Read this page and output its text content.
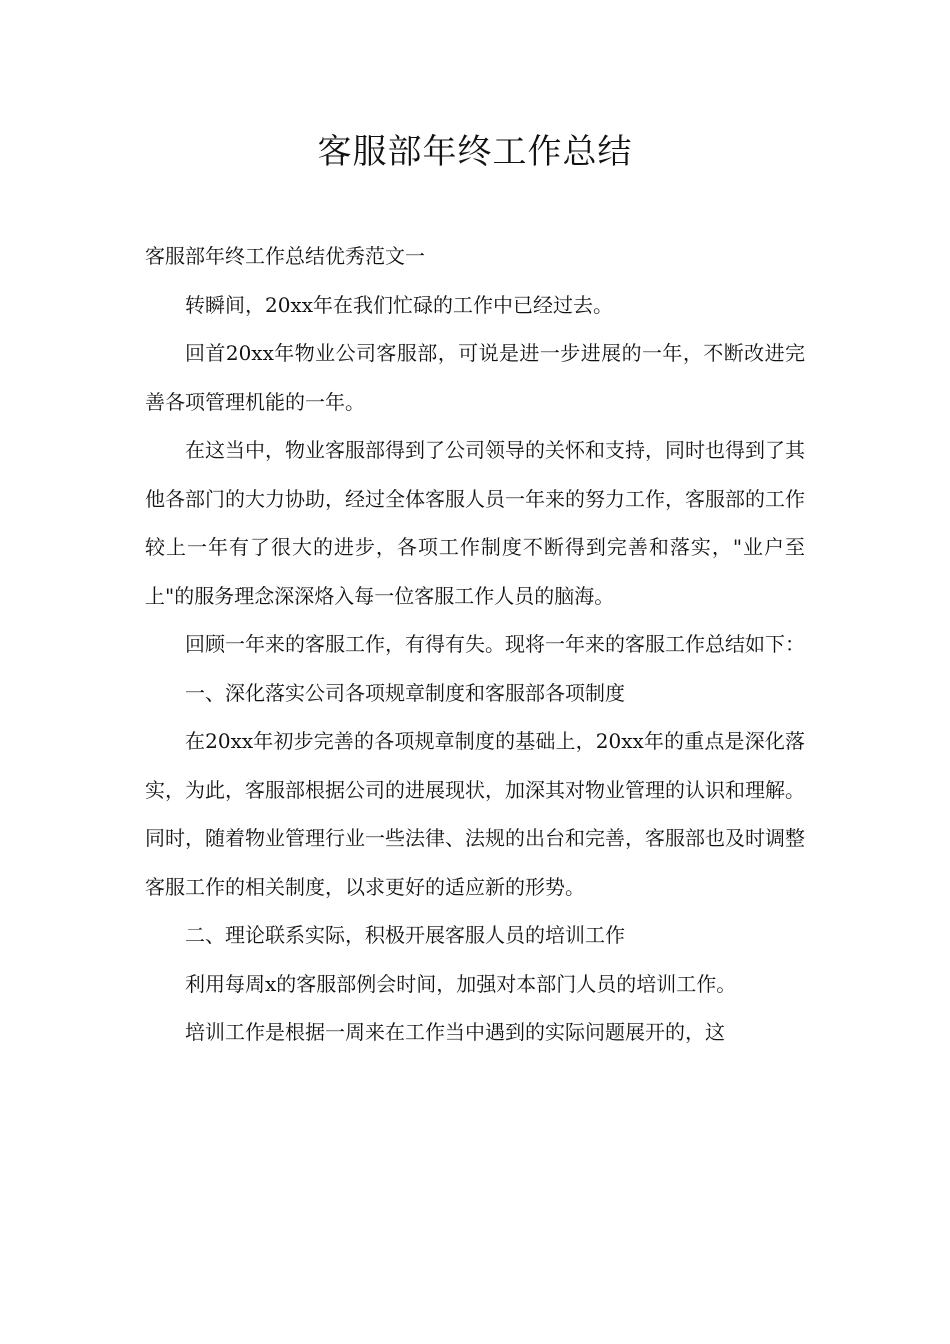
客服部年终工作总结

客服部年终工作总结优秀范文一

转瞬间，20xx年在我们忙碌的工作中已经过去。

回首20xx年物业公司客服部，可说是进一步进展的一年，不断改进完善各项管理机能的一年。

在这当中，物业客服部得到了公司领导的关怀和支持，同时也得到了其他各部门的大力协助，经过全体客服人员一年来的努力工作，客服部的工作较上一年有了很大的进步，各项工作制度不断得到完善和落实，"业户至上"的服务理念深深烙入每一位客服工作人员的脑海。

回顾一年来的客服工作，有得有失。现将一年来的客服工作总结如下：

一、深化落实公司各项规章制度和客服部各项制度

在20xx年初步完善的各项规章制度的基础上，20xx年的重点是深化落实，为此，客服部根据公司的进展现状，加深其对物业管理的认识和理解。同时，随着物业管理行业一些法律、法规的出台和完善，客服部也及时调整客服工作的相关制度，以求更好的适应新的形势。

二、理论联系实际，积极开展客服人员的培训工作

利用每周x的客服部例会时间，加强对本部门人员的培训工作。

培训工作是根据一周来在工作当中遇到的实际问题展开的，这
